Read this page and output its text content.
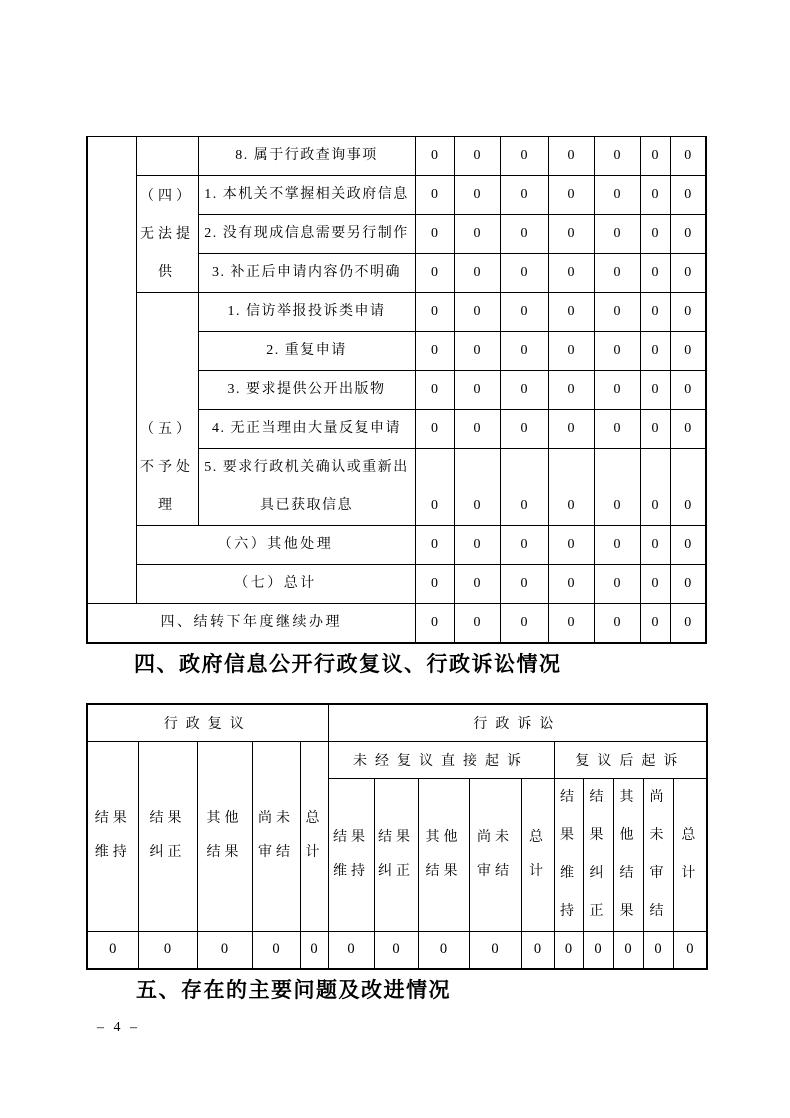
		8. 属于行政查询事项	0	0	0	0	0	0	0
	（四）无法提供	1. 本机关不掌握相关政府信息	0	0	0	0	0	0	0
		2. 没有现成信息需要另行制作	0	0	0	0	0	0	0
		3. 补正后申请内容仍不明确	0	0	0	0	0	0	0
	（五）不予处理	1. 信访举报投诉类申请	0	0	0	0	0	0	0
		2. 重复申请	0	0	0	0	0	0	0
		3. 要求提供公开出版物	0	0	0	0	0	0	0
		4. 无正当理由大量反复申请	0	0	0	0	0	0	0
		5. 要求行政机关确认或重新出具已获取信息	0	0	0	0	0	0	0
	（六）其他处理		0	0	0	0	0	0	0
	（七）总计		0	0	0	0	0	0	0
四、结转下年度继续办理			0	0	0	0	0	0	0
四、政府信息公开行政复议、行政诉讼情况
行政复议					行政诉讼									

结果维持	结果纠正	其他结果	尚未审结	总计	未经复议直接起诉					复议后起诉				

					结果维持	结果纠正	其他结果	尚未审结	总计	结果维持	结果纠正	其他结果	尚未审结	总计

0	0	0	0	0	0	0	0	0	0	0	0	0	0	0
五、存在的主要问题及改进情况
– 4 –
